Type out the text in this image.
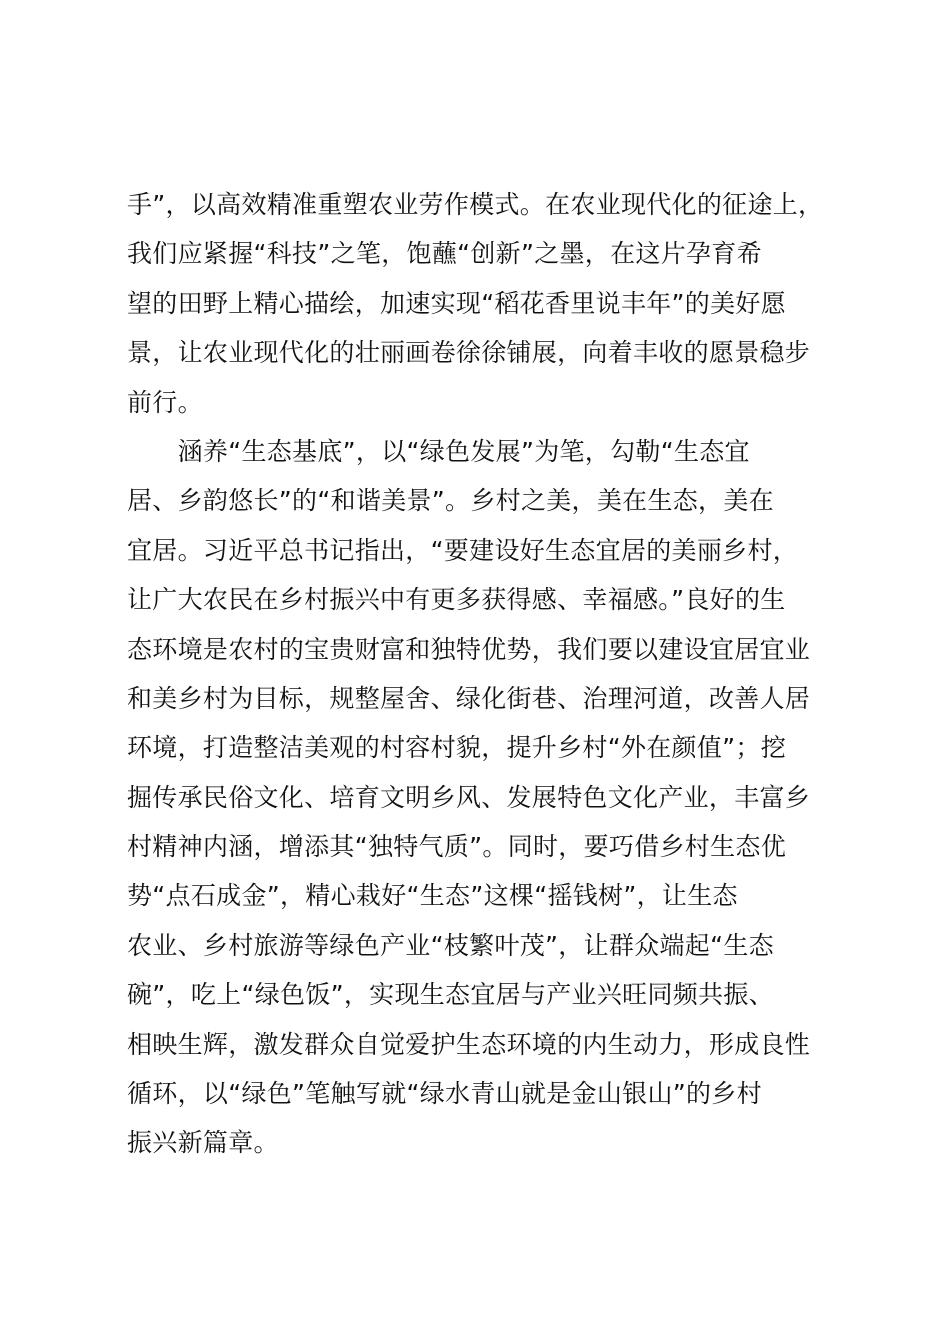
手”，以高效精准重塑农业劳作模式。在农业现代化的征途上，
我们应紧握“科技”之笔，饱蘸“创新”之墨，在这片孕育希
望的田野上精心描绘，加速实现“稻花香里说丰年”的美好愿
景，让农业现代化的壮丽画卷徐徐铺展，向着丰收的愿景稳步
前行。
　　涵养“生态基底”，以“绿色发展”为笔，勾勒“生态宜
居、乡韵悠长”的“和谐美景”。乡村之美，美在生态，美在
宜居。习近平总书记指出，“要建设好生态宜居的美丽乡村，
让广大农民在乡村振兴中有更多获得感、幸福感。”良好的生
态环境是农村的宝贵财富和独特优势，我们要以建设宜居宜业
和美乡村为目标，规整屋舍、绿化街巷、治理河道，改善人居
环境，打造整洁美观的村容村貌，提升乡村“外在颜值”；挖
掘传承民俗文化、培育文明乡风、发展特色文化产业，丰富乡
村精神内涵，增添其“独特气质”。同时，要巧借乡村生态优
势“点石成金”，精心栽好“生态”这棵“摇钱树”，让生态
农业、乡村旅游等绿色产业“枝繁叶茂”，让群众端起“生态
碗”，吃上“绿色饭”，实现生态宜居与产业兴旺同频共振、
相映生辉，激发群众自觉爱护生态环境的内生动力，形成良性
循环，以“绿色”笔触写就“绿水青山就是金山银山”的乡村
振兴新篇章。
